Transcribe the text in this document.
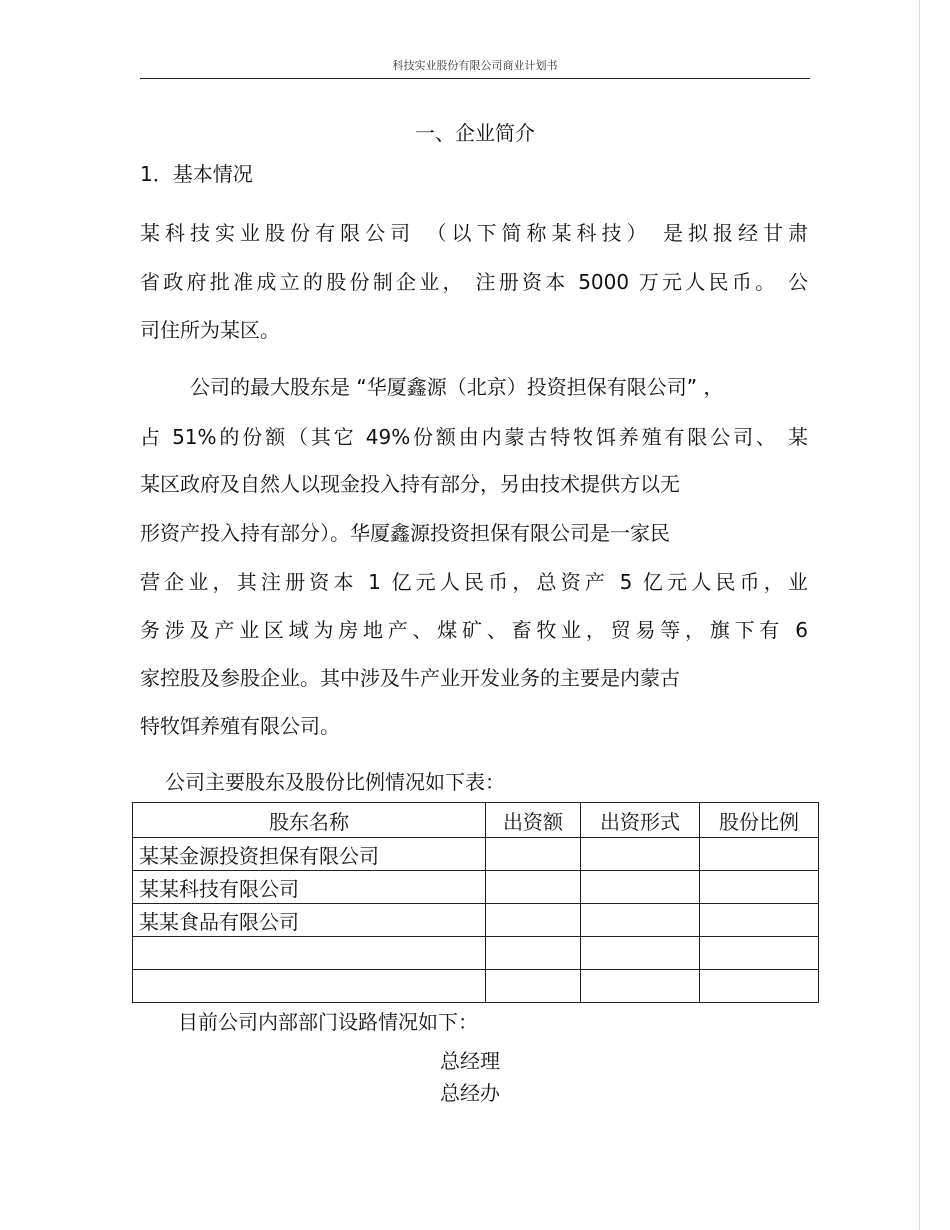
科技实业股份有限公司商业计划书
一、企业简介
1．基本情况
某科技实业股份有限公司 （以下简称某科技） 是拟报经甘肃
省政府批准成立的股份制企业， 注册资本 5000 万元人民币。 公
司住所为某区。
公司的最大股东是 “华厦鑫源（北京）投资担保有限公司” ，
占 51%的份额（其它 49%份额由内蒙古特牧饵养殖有限公司、 某
某区政府及自然人以现金投入持有部分，另由技术提供方以无
形资产投入持有部分）。华厦鑫源投资担保有限公司是一家民
营企业，其注册资本 1 亿元人民币，总资产 5 亿元人民币，业
务涉及产业区域为房地产、煤矿、畜牧业，贸易等，旗下有 6
家控股及参股企业。其中涉及牛产业开发业务的主要是内蒙古
特牧饵养殖有限公司。
公司主要股东及股份比例情况如下表：
股东名称	出资额	出资形式	股份比例
某某金源投资担保有限公司			
某某科技有限公司			
某某食品有限公司			

目前公司内部部门设路情况如下：
总经理
总经办
